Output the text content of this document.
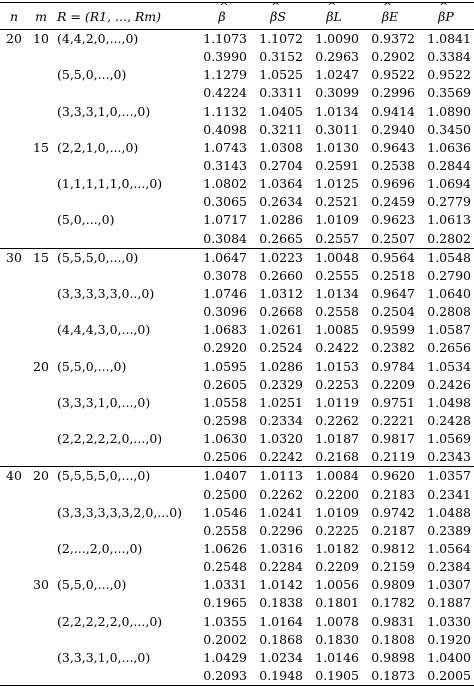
n	m	R = (R1, ..., Rm)	^ β	^ βS	^ βL	^ βE	^ βP
20	10	(4,4,2,0,...,0)	1.1073	1.1072	1.0090	0.9372	1.0841
			0.3990	0.3152	0.2963	0.2902	0.3384
		(5,5,0,...,0)	1.1279	1.0525	1.0247	0.9522	0.9522
			0.4224	0.3311	0.3099	0.2996	0.3569
		(3,3,3,1,0,...,0)	1.1132	1.0405	1.0134	0.9414	1.0890
			0.4098	0.3211	0.3011	0.2940	0.3450
	15	(2,2,1,0,...,0)	1.0743	1.0308	1.0130	0.9643	1.0636
			0.3143	0.2704	0.2591	0.2538	0.2844
		(1,1,1,1,1,0,...,0)	1.0802	1.0364	1.0125	0.9696	1.0694
			0.3065	0.2634	0.2521	0.2459	0.2779
		(5,0,...,0)	1.0717	1.0286	1.0109	0.9623	1.0613
			0.3084	0.2665	0.2557	0.2507	0.2802
30	15	(5,5,5,0,...,0)	1.0647	1.0223	1.0048	0.9564	1.0548
			0.3078	0.2660	0.2555	0.2518	0.2790
		(3,3,3,3,3,0..,0)	1.0746	1.0312	1.0134	0.9647	1.0640
			0.3096	0.2668	0.2558	0.2504	0.2808
		(4,4,4,3,0,...,0)	1.0683	1.0261	1.0085	0.9599	1.0587
			0.2920	0.2524	0.2422	0.2382	0.2656
	20	(5,5,0,...,0)	1.0595	1.0286	1.0153	0.9784	1.0534
			0.2605	0.2329	0.2253	0.2209	0.2426
		(3,3,3,1,0,...,0)	1.0558	1.0251	1.0119	0.9751	1.0498
			0.2598	0.2334	0.2262	0.2221	0.2428
		(2,2,2,2,2,0,...,0)	1.0630	1.0320	1.0187	0.9817	1.0569
			0.2506	0.2242	0.2168	0.2119	0.2343
40	20	(5,5,5,5,0,...,0)	1.0407	1.0113	1.0084	0.9620	1.0357
			0.2500	0.2262	0.2200	0.2183	0.2341
		(3,3,3,3,3,3,2,0,...0)	1.0546	1.0241	1.0109	0.9742	1.0488
			0.2558	0.2296	0.2225	0.2187	0.2389
		(2,...,2,0,...,0)	1.0626	1.0316	1.0182	0.9812	1.0564
			0.2548	0.2284	0.2209	0.2159	0.2384
	30	(5,5,0,...,0)	1.0331	1.0142	1.0056	0.9809	1.0307
			0.1965	0.1838	0.1801	0.1782	0.1887
		(2,2,2,2,2,0,...,0)	1.0355	1.0164	1.0078	0.9831	1.0330
			0.2002	0.1868	0.1830	0.1808	0.1920
		(3,3,3,1,0,...,0)	1.0429	1.0234	1.0146	0.9898	1.0400
			0.2093	0.1948	0.1905	0.1873	0.2005
